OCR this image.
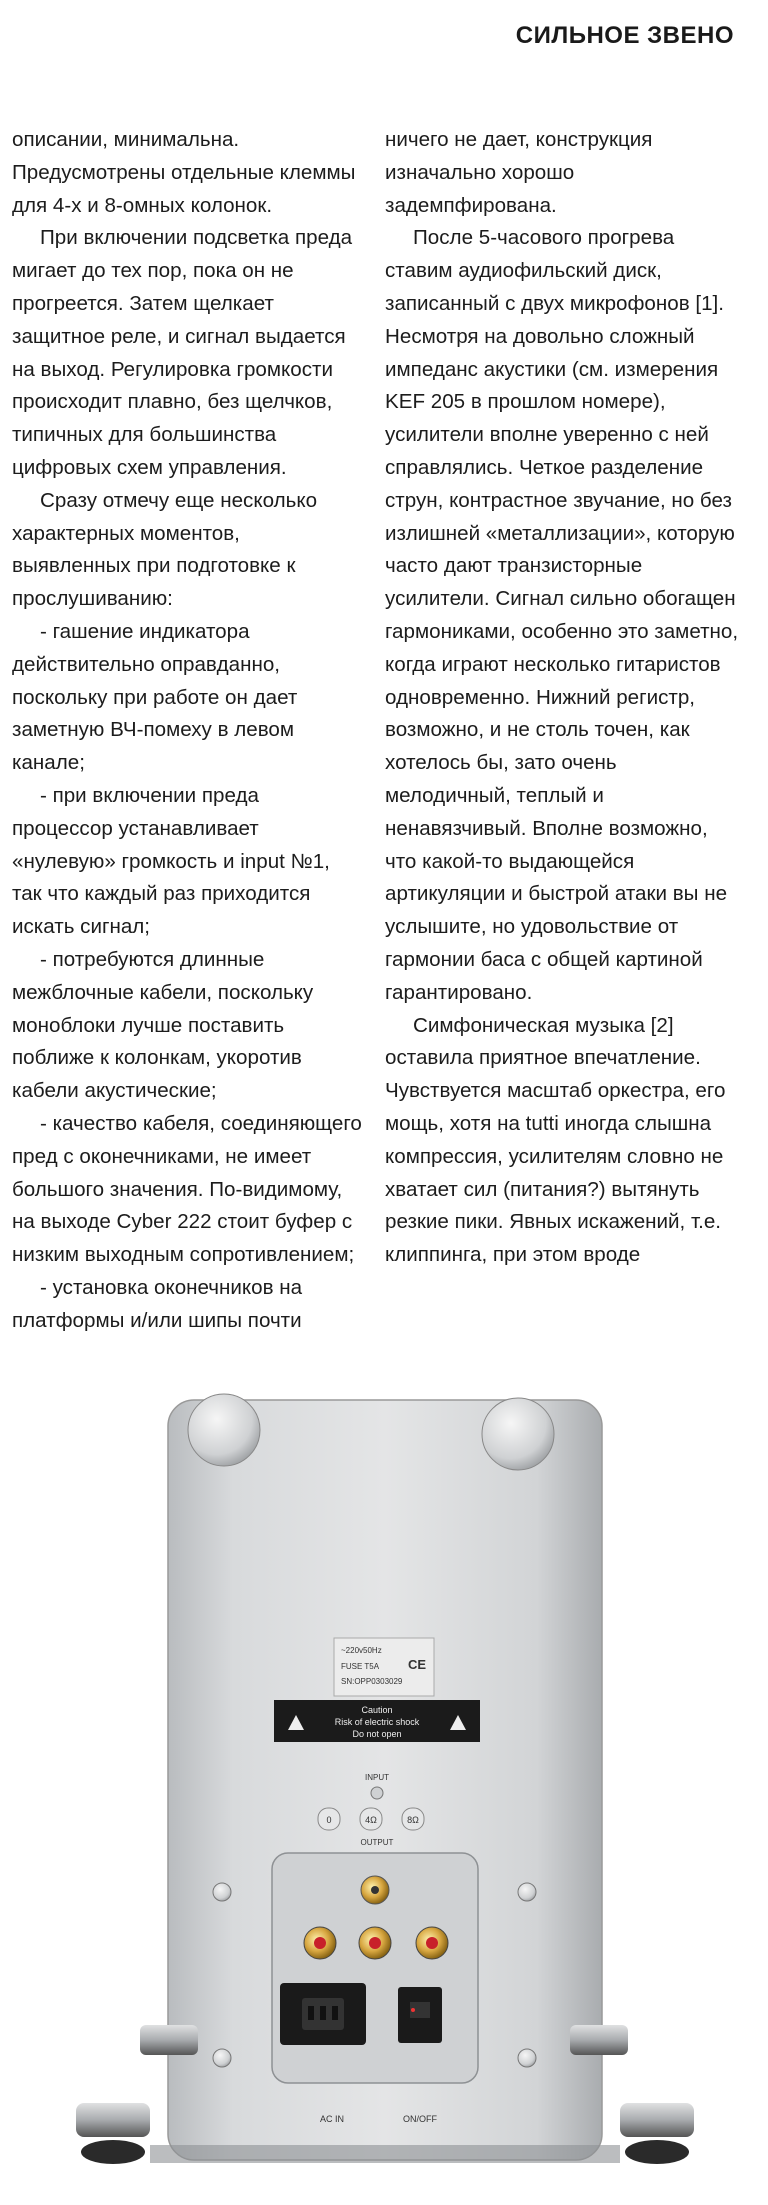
СИЛЬНОЕ ЗВЕНО

описании, минимальна. Предусмотрены отдельные клеммы для 4-х и 8-омных колонок.

При включении подсветка преда мигает до тех пор, пока он не прогреется. Затем щелкает защитное реле, и сигнал выдается на выход. Регулировка громкости происходит плавно, без щелчков, типичных для большинства цифровых схем управления.

Сразу отмечу еще несколько характерных моментов, выявленных при подготовке к прослушиванию:

- гашение индикатора действительно оправданно, поскольку при работе он дает заметную ВЧ-помеху в левом канале;

- при включении преда процессор устанавливает «нулевую» громкость и input №1, так что каждый раз приходится искать сигнал;

- потребуются длинные межблочные кабели, поскольку моноблоки лучше поставить поближе к колонкам, укоротив кабели акустические;

- качество кабеля, соединяющего пред с оконечниками, не имеет большого значения. По-видимому, на выходе Cyber 222 стоит буфер с низким выходным сопротивлением;

- установка оконечников на платформы и/или шипы почти

ничего не дает, конструкция изначально хорошо задемпфирована.

После 5-часового прогрева ставим аудиофильский диск, записанный с двух микрофонов [1]. Несмотря на довольно сложный импеданс акустики (см. измерения KEF 205 в прошлом номере), усилители вполне уверенно с ней справлялись. Четкое разделение струн, контрастное звучание, но без излишней «металлизации», которую часто дают транзисторные усилители. Сигнал сильно обогащен гармониками, особенно это заметно, когда играют несколько гитаристов одновременно. Нижний регистр, возможно, и не столь точен, как хотелось бы, зато очень мелодичный, теплый и ненавязчивый. Вполне возможно, что какой-то выдающейся артикуляции и быстрой атаки вы не услышите, но удовольствие от гармонии баса с общей картиной гарантировано.

Симфоническая музыка [2] оставила приятное впечатление. Чувствуется масштаб оркестра, его мощь, хотя на tutti иногда слышна компрессия, усилителям словно не хватает сил (питания?) вытянуть резкие пики. Явных искажений, т.е. клиппинга, при этом вроде

~220v50Hz
FUSE T5A
SN:OPP0303029
CE
Caution
Risk of electric shock
Do not open
INPUT
0	4Ω	8Ω
OUTPUT
AC IN	ON/OFF
